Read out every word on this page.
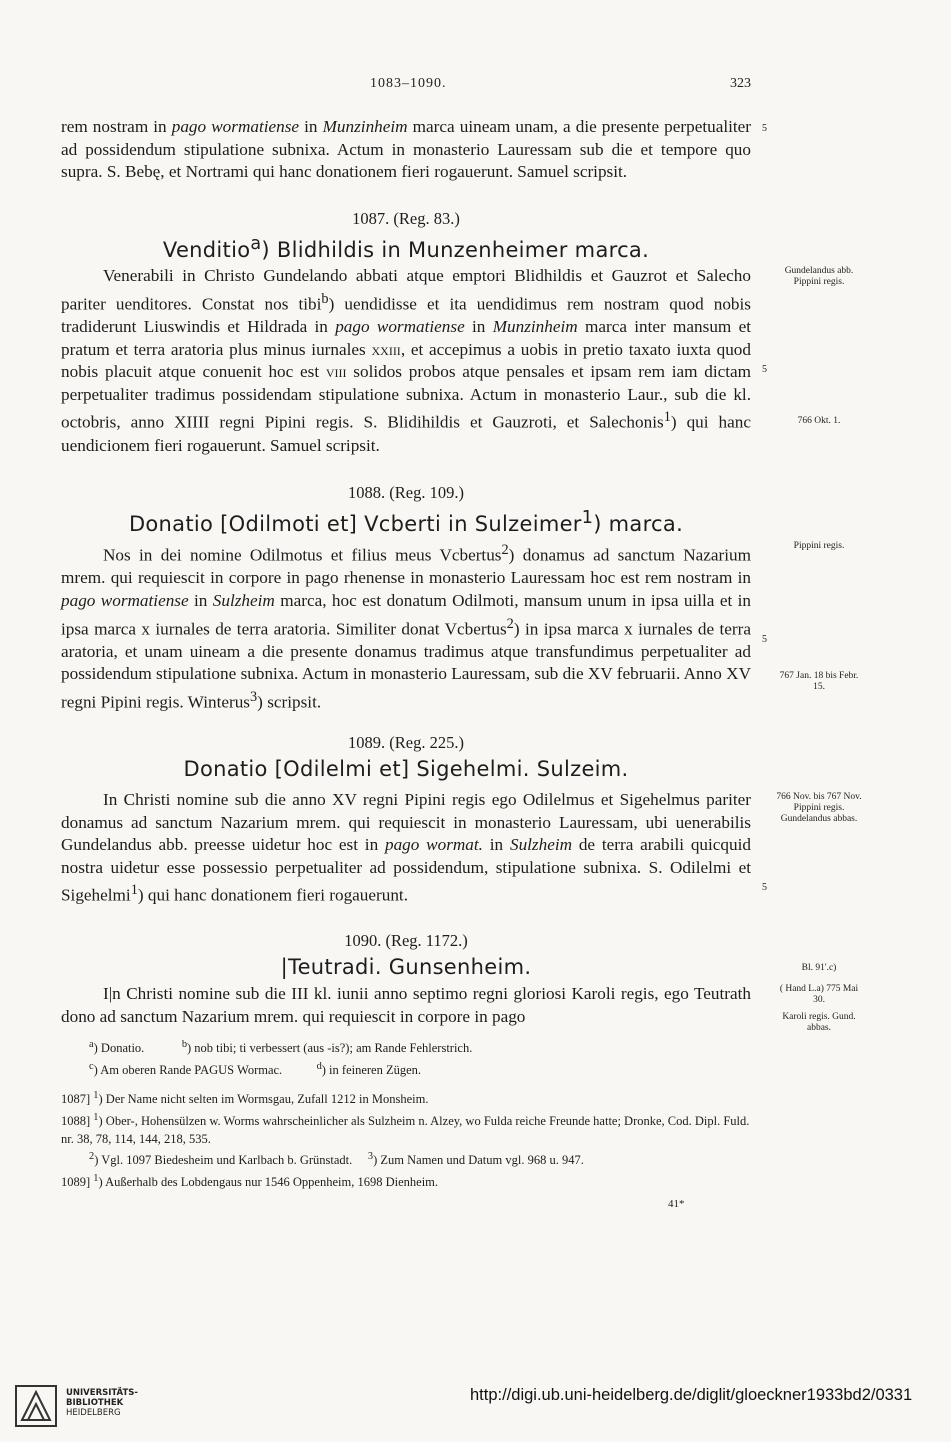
1083–1090.	323

rem nostram in pago wormatiense in Munzinheim marca uineam unam, a die presente perpetualiter ad possidendum stipulatione subnixa. Actum in monasterio Lauressam sub die et tempore quo supra. S. Bebę, et Nortrami qui hanc donationem fieri rogauerunt. Samuel scripsit.

1087. (Reg. 83.)
Venditio$^a$) Blidhildis in Munzenheimer marca.

Venerabili in Christo Gundelando abbati atque emptori Blidhildis et Gauzrot et Salecho pariter uenditores. Constat nos tibi$^b$) uendidisse et ita uendidimus rem nostram quod nobis tradiderunt Liuswindis et Hildrada in pago wormatiense in Munzinheim marca inter mansum et pratum et terra aratoria plus minus iurnales xxiii, et accepimus a uobis in pretio taxato iuxta quod nobis placuit atque conuenit hoc est viii solidos probos atque pensales et ipsam rem iam dictam perpetualiter tradimus possidendam stipulatione subnixa. Actum in monasterio Laur., sub die kl. octobris, anno XIIII regni Pipini regis. S. Blidihildis et Gauzroti, et Salechonis$^1$) qui hanc uendicionem fieri rogauerunt. Samuel scripsit.

1088. (Reg. 109.)
Donatio [Odilmoti et] Vcberti in Sulzeimer$^1$) marca.

Nos in dei nomine Odilmotus et filius meus Vcbertus$^2$) donamus ad sanctum Nazarium mrem. qui requiescit in corpore in pago rhenense in monasterio Lauressam hoc est rem nostram in pago wormatiense in Sulzheim marca, hoc est donatum Odilmoti, mansum unum in ipsa uilla et in ipsa marca x iurnales de terra aratoria. Similiter donat Vcbertus$^2$) in ipsa marca x iurnales de terra aratoria, et unam uineam a die presente donamus tradimus atque transfundimus perpetualiter ad possidendum stipulatione subnixa. Actum in monasterio Lauressam, sub die XV februarii. Anno XV regni Pipini regis. Winterus$^3$) scripsit.

1089. (Reg. 225.)
Donatio [Odilelmi et] Sigehelmi. Sulzeim.

In Christi nomine sub die anno XV regni Pipini regis ego Odilelmus et Sigehelmus pariter donamus ad sanctum Nazarium mrem. qui requiescit in monasterio Lauressam, ubi uenerabilis Gundelandus abb. preesse uidetur hoc est in pago wormat. in Sulzheim de terra arabili quicquid nostra uidetur esse possessio perpetualiter ad possidendum, stipulatione subnixa. S. Odilelmi et Sigehelmi$^1$) qui hanc donationem fieri rogauerunt.

1090. (Reg. 1172.)
|Teutradi. Gunsenheim.

I|n Christi nomine sub die III kl. iunii anno septimo regni gloriosi Karoli regis, ego Teutrath dono ad sanctum Nazarium mrem. qui requiescit in corpore in pago

5
5
5
5
Gundelandus abb. Pippini regis.
766 Okt. 1.
Pippini regis.
767 Jan. 18 bis Febr. 15.
766 Nov. bis 767 Nov. Pippini regis. Gundelandus abbas.
Bl. 91'.c)
( Hand L.a) 775 Mai 30.
Karoli regis. Gund. abbas.

$^a$) Donatio.            $^b$) nob tibi; ti verbessert (aus -is?); am Rande Fehlerstrich.

$^c$) Am oberen Rande PAGUS Wormac.           $^d$) in feineren Zügen.

1087] $^1$) Der Name nicht selten im Wormsgau, Zufall 1212 in Monsheim.

1088] $^1$) Ober-, Hohensülzen w. Worms wahrscheinlicher als Sulzheim n. Alzey, wo Fulda reiche Freunde hatte; Dronke, Cod. Dipl. Fuld. nr. 38, 78, 114, 144, 218, 535.

$^2$) Vgl. 1097 Biedesheim und Karlbach b. Grünstadt.     $^3$) Zum Namen und Datum vgl. 968 u. 947.

1089] $^1$) Außerhalb des Lobdengaus nur 1546 Oppenheim, 1698 Dienheim.

41*
UNIVERSITÄTS-
BIBLIOTHEK
HEIDELBERG
http://digi.ub.uni-heidelberg.de/diglit/gloeckner1933bd2/0331
